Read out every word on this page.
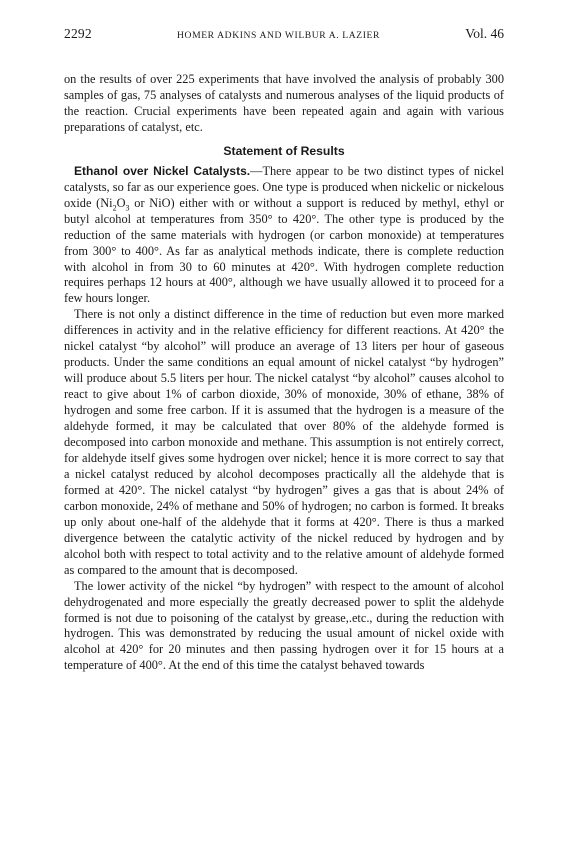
2292	HOMER ADKINS AND WILBUR A. LAZIER	Vol. 46

on the results of over 225 experiments that have involved the analysis of probably 300 samples of gas, 75 analyses of catalysts and numerous analyses of the liquid products of the reaction. Crucial experiments have been repeated again and again with various preparations of catalyst, etc.

Statement of Results

Ethanol over Nickel Catalysts.—There appear to be two distinct types of nickel catalysts, so far as our experience goes. One type is produced when nickelic or nickelous oxide ($Ni_2O_3$ or NiO) either with or without a support is reduced by methyl, ethyl or butyl alcohol at temperatures from 350° to 420°. The other type is produced by the reduction of the same materials with hydrogen (or carbon monoxide) at temperatures from 300° to 400°. As far as analytical methods indicate, there is complete reduction with alcohol in from 30 to 60 minutes at 420°. With hydrogen complete reduction requires perhaps 12 hours at 400°, although we have usually allowed it to proceed for a few hours longer.

There is not only a distinct difference in the time of reduction but even more marked differences in activity and in the relative efficiency for different reactions. At 420° the nickel catalyst “by alcohol” will produce an average of 13 liters per hour of gaseous products. Under the same conditions an equal amount of nickel catalyst “by hydrogen” will produce about 5.5 liters per hour. The nickel catalyst “by alcohol” causes alcohol to react to give about 1% of carbon dioxide, 30% of monoxide, 30% of ethane, 38% of hydrogen and some free carbon. If it is assumed that the hydrogen is a measure of the aldehyde formed, it may be calculated that over 80% of the aldehyde formed is decomposed into carbon monoxide and methane. This assumption is not entirely correct, for aldehyde itself gives some hydrogen over nickel; hence it is more correct to say that a nickel catalyst reduced by alcohol decomposes practically all the aldehyde that is formed at 420°. The nickel catalyst “by hydrogen” gives a gas that is about 24% of carbon monoxide, 24% of methane and 50% of hydrogen; no carbon is formed. It breaks up only about one-half of the aldehyde that it forms at 420°. There is thus a marked divergence between the catalytic activity of the nickel reduced by hydrogen and by alcohol both with respect to total activity and to the relative amount of aldehyde formed as compared to the amount that is decomposed.

The lower activity of the nickel “by hydrogen” with respect to the amount of alcohol dehydrogenated and more especially the greatly decreased power to split the aldehyde formed is not due to poisoning of the catalyst by grease,.etc., during the reduction with hydrogen. This was demonstrated by reducing the usual amount of nickel oxide with alcohol at 420° for 20 minutes and then passing hydrogen over it for 15 hours at a temperature of 400°. At the end of this time the catalyst behaved towards
